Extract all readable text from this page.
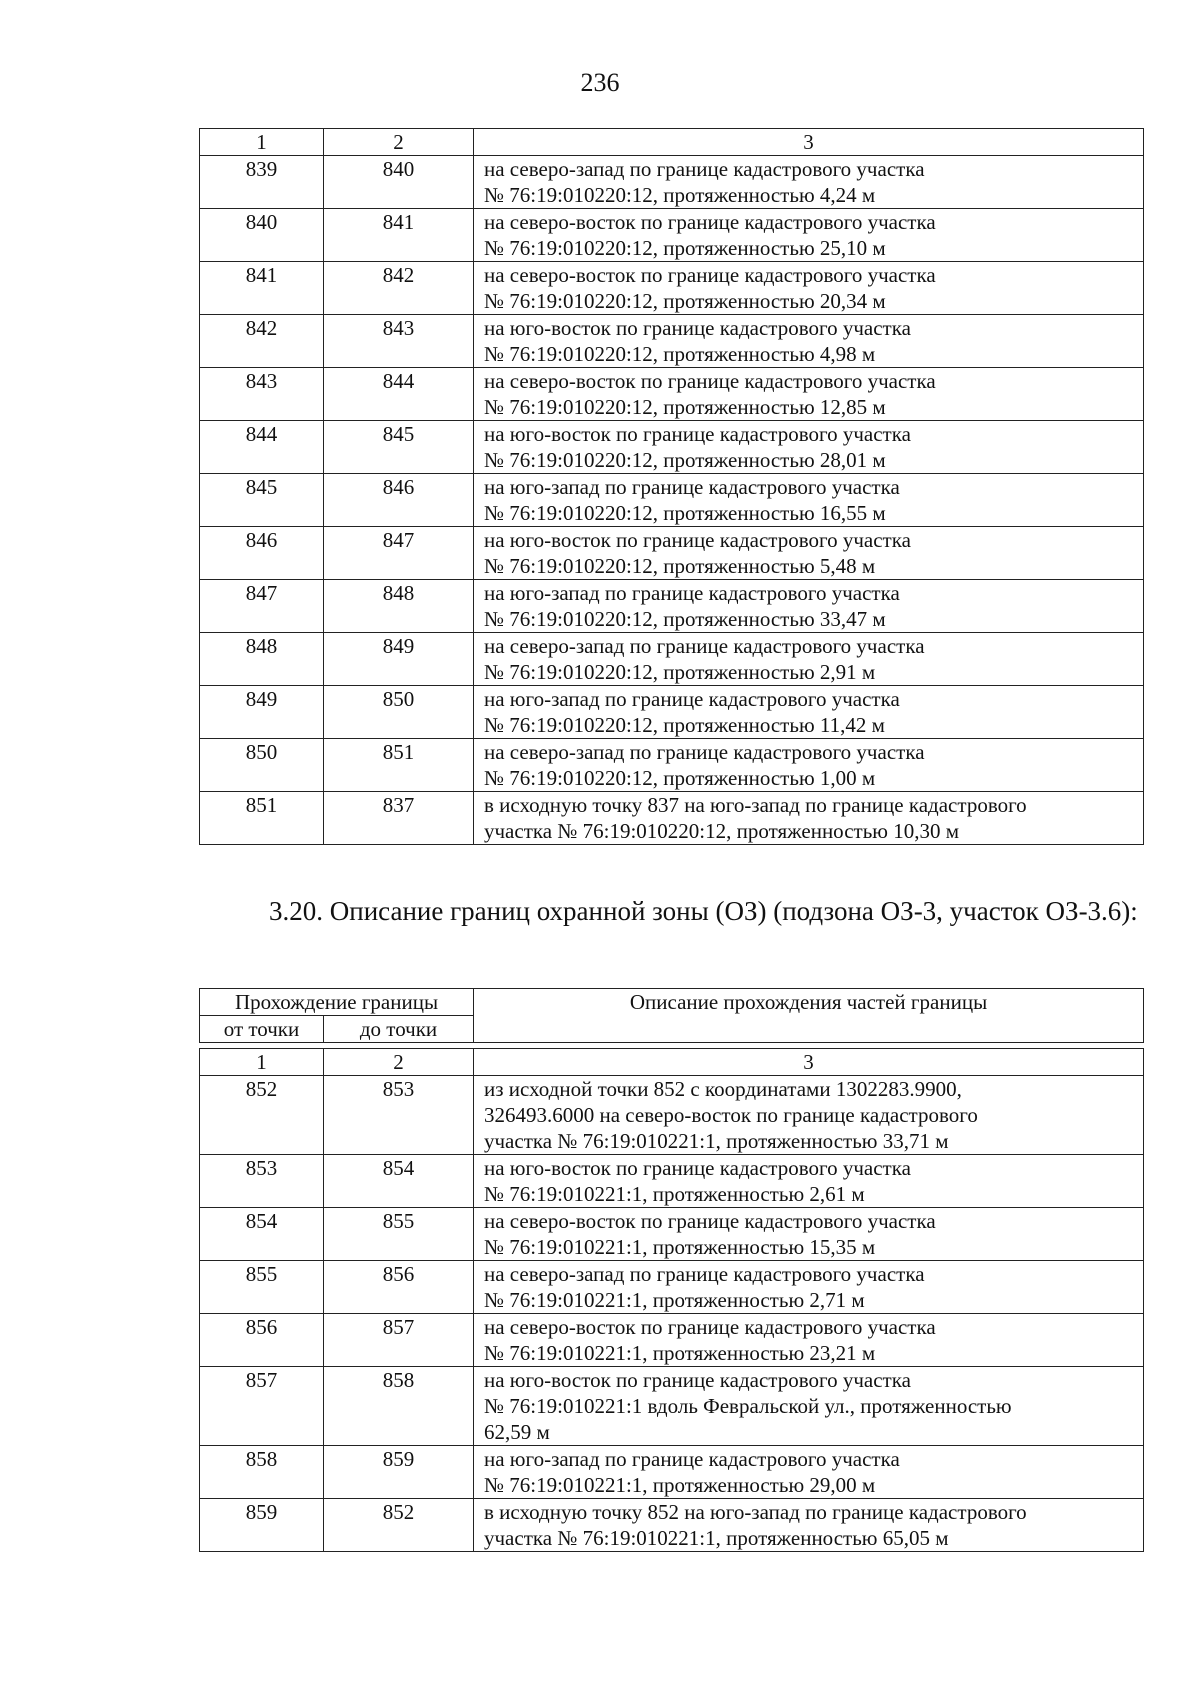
236
1	2	3
839	840	на северо-запад по границе кадастрового участка
№ 76:19:010220:12, протяженностью 4,24 м

840	841	на северо-восток по границе кадастрового участка
№ 76:19:010220:12, протяженностью 25,10 м

841	842	на северо-восток по границе кадастрового участка
№ 76:19:010220:12, протяженностью 20,34 м

842	843	на юго-восток по границе кадастрового участка
№ 76:19:010220:12, протяженностью 4,98 м

843	844	на северо-восток по границе кадастрового участка
№ 76:19:010220:12, протяженностью 12,85 м

844	845	на юго-восток по границе кадастрового участка
№ 76:19:010220:12, протяженностью 28,01 м

845	846	на юго-запад по границе кадастрового участка
№ 76:19:010220:12, протяженностью 16,55 м

846	847	на юго-восток по границе кадастрового участка
№ 76:19:010220:12, протяженностью 5,48 м

847	848	на юго-запад по границе кадастрового участка
№ 76:19:010220:12, протяженностью 33,47 м

848	849	на северо-запад по границе кадастрового участка
№ 76:19:010220:12, протяженностью 2,91 м

849	850	на юго-запад по границе кадастрового участка
№ 76:19:010220:12, протяженностью 11,42 м

850	851	на северо-запад по границе кадастрового участка
№ 76:19:010220:12, протяженностью 1,00 м

851	837	в исходную точку 837 на юго-запад по границе кадастрового
участка № 76:19:010220:12, протяженностью 10,30 м
3.20. Описание границ охранной зоны (ОЗ) (подзона ОЗ-3, участок ОЗ-3.6):
Прохождение границы		Описание прохождения частей границы
от точки	до точки	
1	2	3
852	853	из исходной точки 852 с координатами 1302283.9900,
326493.6000 на северо-восток по границе кадастрового
участка № 76:19:010221:1, протяженностью 33,71 м

853	854	на юго-восток по границе кадастрового участка
№ 76:19:010221:1, протяженностью 2,61 м

854	855	на северо-восток по границе кадастрового участка
№ 76:19:010221:1, протяженностью 15,35 м

855	856	на северо-запад по границе кадастрового участка
№ 76:19:010221:1, протяженностью 2,71 м

856	857	на северо-восток по границе кадастрового участка
№ 76:19:010221:1, протяженностью 23,21 м

857	858	на юго-восток по границе кадастрового участка
№ 76:19:010221:1 вдоль Февральской ул., протяженностью
62,59 м

858	859	на юго-запад по границе кадастрового участка
№ 76:19:010221:1, протяженностью 29,00 м

859	852	в исходную точку 852 на юго-запад по границе кадастрового
участка № 76:19:010221:1, протяженностью 65,05 м
